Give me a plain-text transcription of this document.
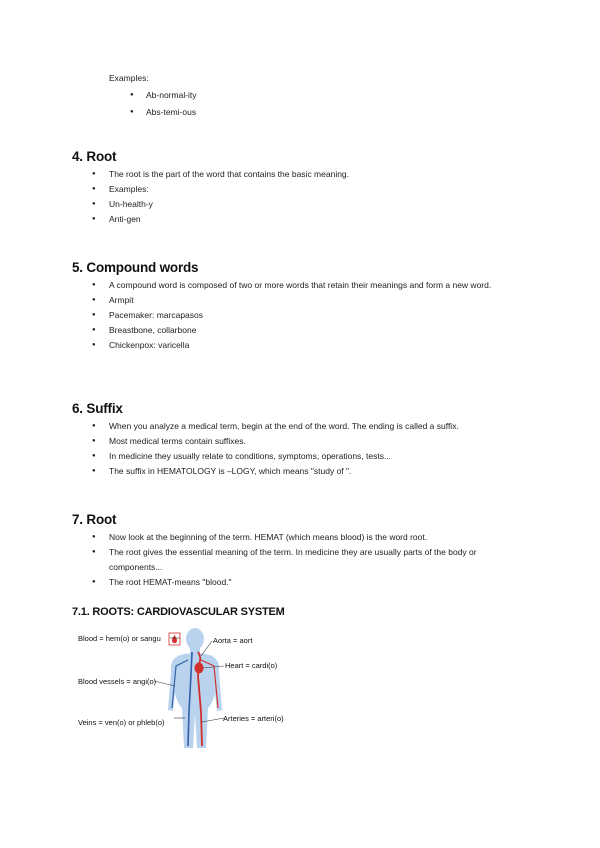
Examples:
● Ab-normal-ity
● Abs-temi-ous
4. Root
● The root is the part of the word that contains the basic meaning.
● Examples:
● Un-health-y
● Anti-gen
5. Compound words
● A compound word is composed of two or more words that retain their meanings and form a new word.
● Armpit
● Pacemaker: marcapasos
● Breastbone, collarbone
● Chickenpox: varicella
6. Suffix
● When you analyze a medical term, begin at the end of the word. The ending is called a suffix.
● Most medical terms contain suffixes.
● In medicine they usually relate to conditions, symptoms, operations, tests...
● The suffix in HEMATOLOGY is –LOGY, which means "study of ".
7. Root
● Now look at the beginning of the term. HEMAT (which means blood) is the word root.
● The root gives the essential meaning of the term. In medicine they are usually parts of the body or components...
● The root HEMAT-means "blood."
7.1. ROOTS: CARDIOVASCULAR SYSTEM
Blood = hem(o) or sangu	Aorta = aort
Heart = cardi(o)
Blood vessels = angi(o)
Veins = ven(o) or phleb(o)	Arteries = arteri(o)
